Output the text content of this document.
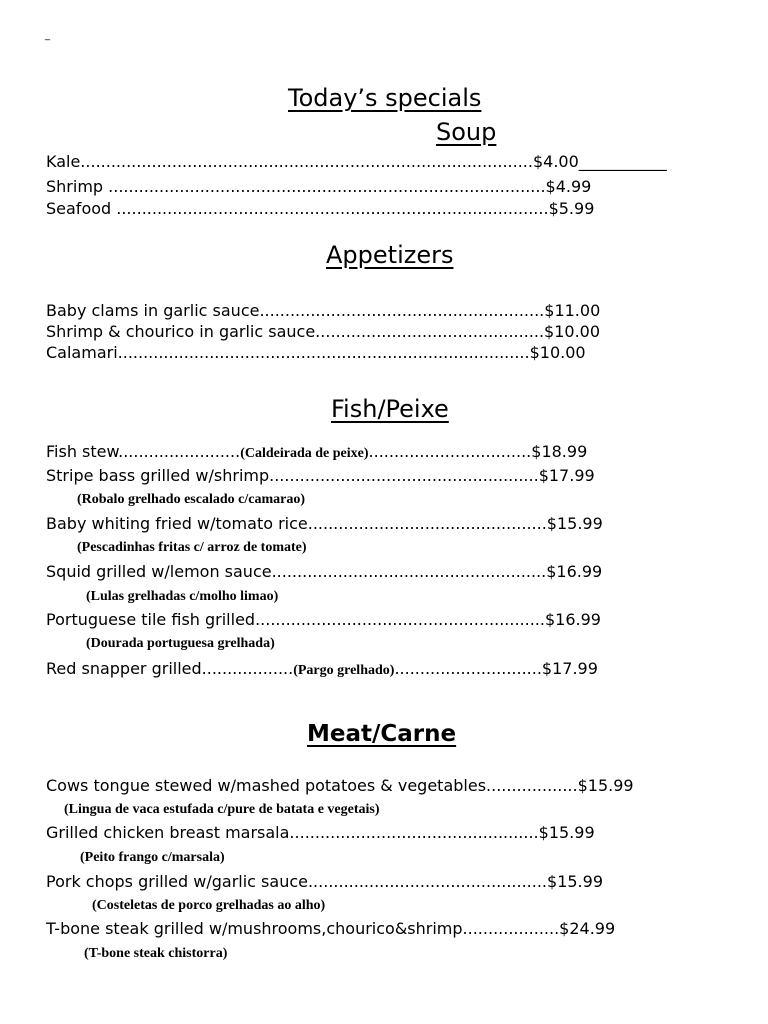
_
Today’s specials
Soup
Kale.........................................................................................$4.00___________
Shrimp ......................................................................................$4.99
Seafood .....................................................................................$5.99
Appetizers
Baby clams in garlic sauce........................................................$11.00
Shrimp & chourico in garlic sauce.............................................$10.00
Calamari.................................................................................$10.00
Fish/Peixe
Fish stew........................(Caldeirada de peixe)................................$18.99
Stripe bass grilled w/shrimp.....................................................$17.99
(Robalo grelhado escalado c/camarao)
Baby whiting fried w/tomato rice...............................................$15.99
(Pescadinhas fritas c/ arroz de tomate)
Squid grilled w/lemon sauce......................................................$16.99
(Lulas grelhadas c/molho limao)
Portuguese tile fish grilled.........................................................$16.99
(Dourada portuguesa grelhada)
Red snapper grilled..................(Pargo grelhado).............................$17.99
Meat/Carne
Cows tongue stewed w/mashed potatoes & vegetables..................$15.99
(Lingua de vaca estufada c/pure de batata e vegetais)
Grilled chicken breast marsala.................................................$15.99
(Peito frango c/marsala)
Pork chops grilled w/garlic sauce...............................................$15.99
(Costeletas de porco grelhadas ao alho)
T-bone steak grilled w/mushrooms,chourico&shrimp...................$24.99
(T-bone steak chistorra)
